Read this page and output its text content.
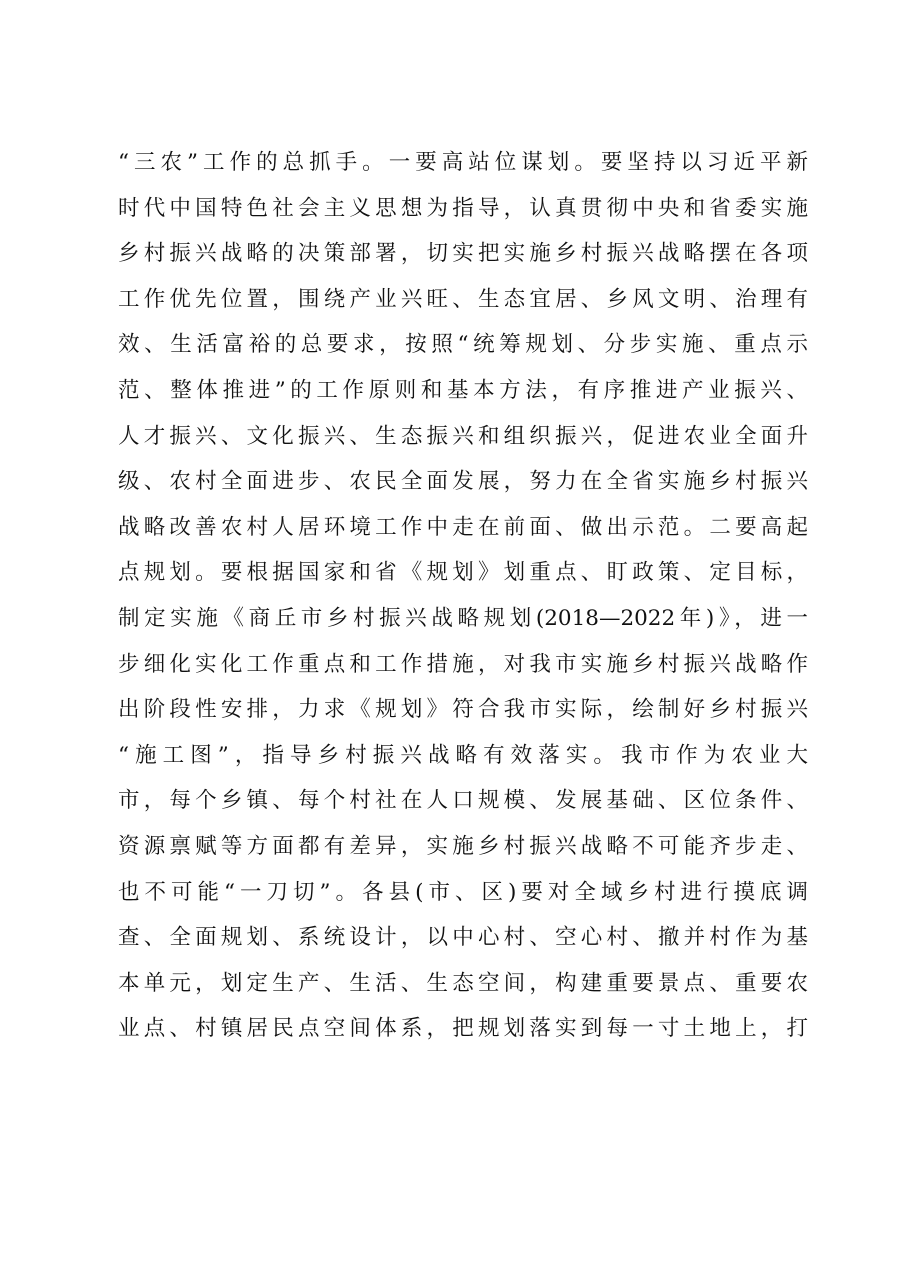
“三农”工作的总抓手。一要高站位谋划。要坚持以习近平新
时代中国特色社会主义思想为指导，认真贯彻中央和省委实施
乡村振兴战略的决策部署，切实把实施乡村振兴战略摆在各项
工作优先位置，围绕产业兴旺、生态宜居、乡风文明、治理有
效、生活富裕的总要求，按照“统筹规划、分步实施、重点示
范、整体推进”的工作原则和基本方法，有序推进产业振兴、
人才振兴、文化振兴、生态振兴和组织振兴，促进农业全面升
级、农村全面进步、农民全面发展，努力在全省实施乡村振兴
战略改善农村人居环境工作中走在前面、做出示范。二要高起
点规划。要根据国家和省《规划》划重点、盯政策、定目标，
制定实施《商丘市乡村振兴战略规划(2018—2022年)》，进一
步细化实化工作重点和工作措施，对我市实施乡村振兴战略作
出阶段性安排，力求《规划》符合我市实际，绘制好乡村振兴
“施工图”，指导乡村振兴战略有效落实。我市作为农业大
市，每个乡镇、每个村社在人口规模、发展基础、区位条件、
资源禀赋等方面都有差异，实施乡村振兴战略不可能齐步走、
也不可能“一刀切”。各县(市、区)要对全域乡村进行摸底调
查、全面规划、系统设计，以中心村、空心村、撤并村作为基
本单元，划定生产、生活、生态空间，构建重要景点、重要农
业点、村镇居民点空间体系，把规划落实到每一寸土地上，打
